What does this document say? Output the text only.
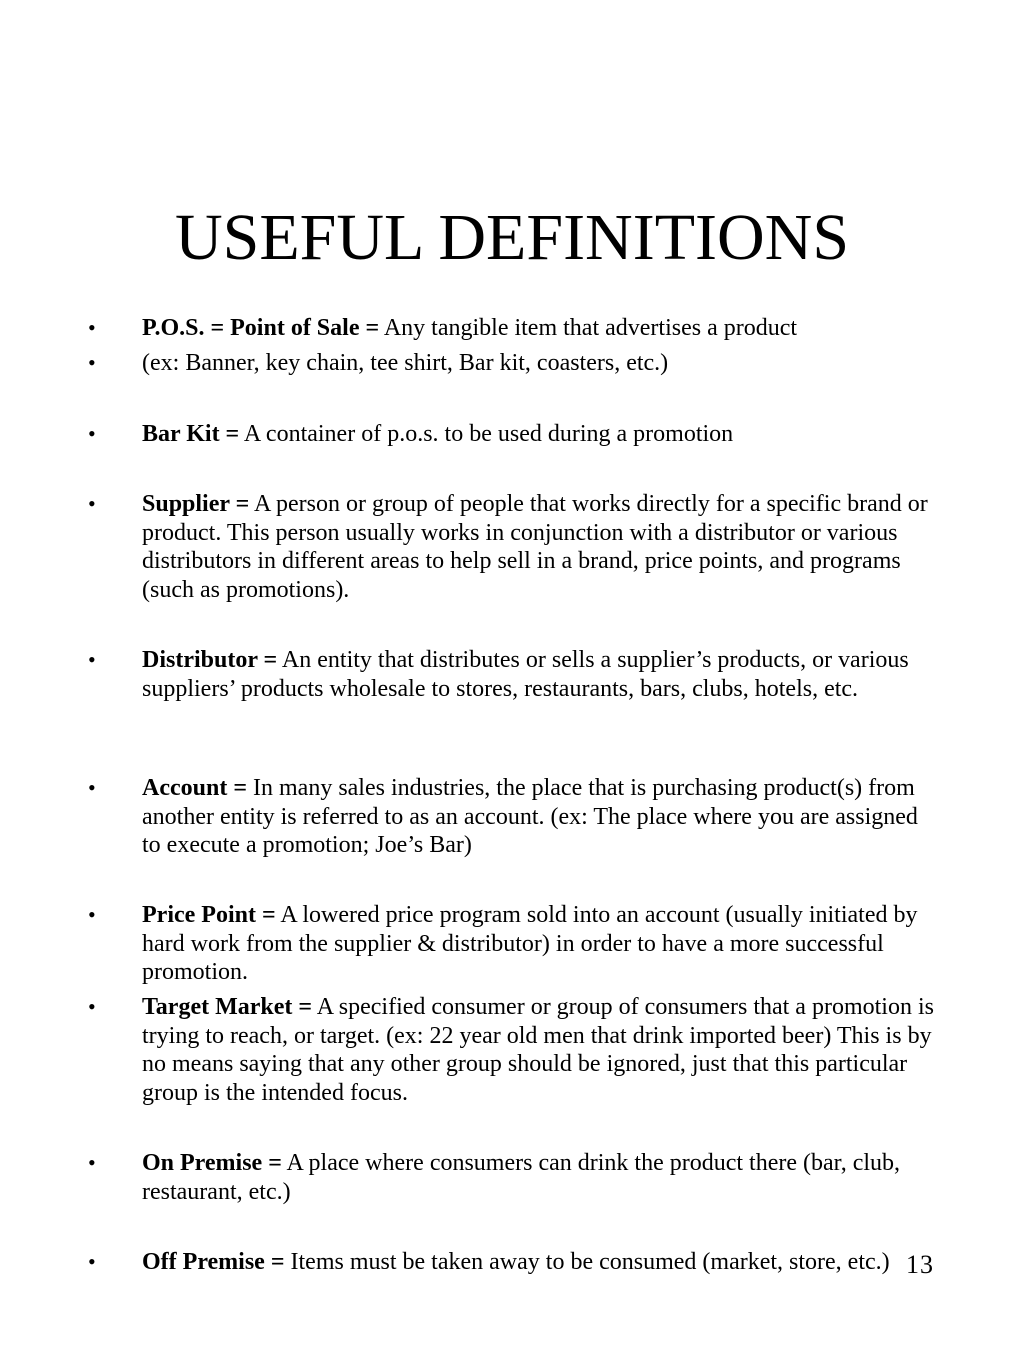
USEFUL DEFINITIONS
• P.O.S. = Point of Sale = Any tangible item that advertises a product
• (ex: Banner, key chain, tee shirt, Bar kit, coasters, etc.)
• Bar Kit = A container of p.o.s. to be used during a promotion
• Supplier = A person or group of people that works directly for a specific brand or product. This person usually works in conjunction with a distributor or various distributors in different areas to help sell in a brand, price points, and programs (such as promotions).
• Distributor = An entity that distributes or sells a supplier’s products, or various suppliers’ products wholesale to stores, restaurants, bars, clubs, hotels, etc.
• Account = In many sales industries, the place that is purchasing product(s) from another entity is referred to as an account. (ex: The place where you are assigned to execute a promotion; Joe’s Bar)
• Price Point = A lowered price program sold into an account (usually initiated by hard work from the supplier & distributor) in order to have a more successful promotion.
• Target Market = A specified consumer or group of consumers that a promotion is trying to reach, or target. (ex: 22 year old men that drink imported beer) This is by no means saying that any other group should be ignored, just that this particular group is the intended focus.
• On Premise = A place where consumers can drink the product there (bar, club, restaurant, etc.)
• Off Premise = Items must be taken away to be consumed (market, store, etc.) 13
